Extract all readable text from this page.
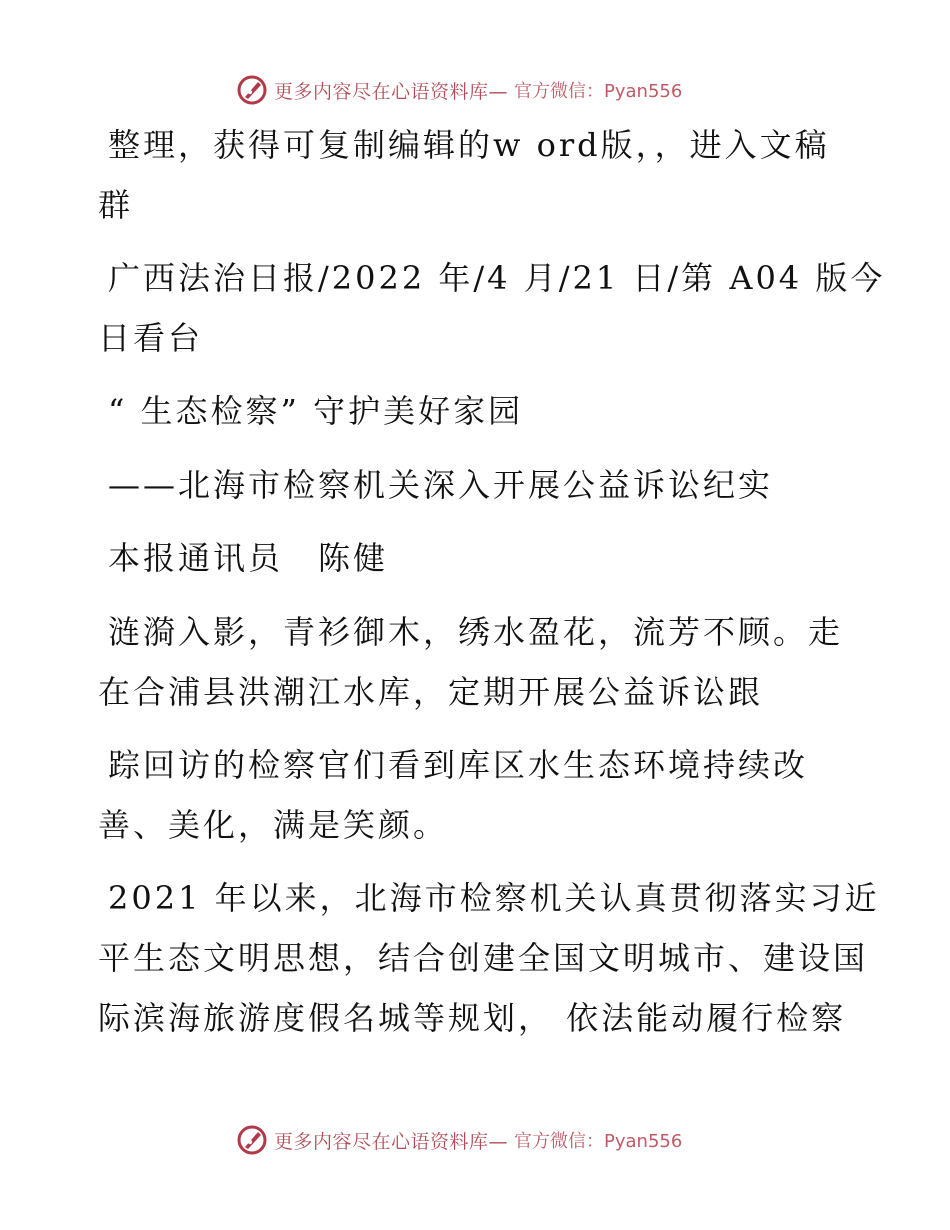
更多内容尽在心语资料库— 官方微信：Pyan556
整理，获得可复制编辑的w ord版，，进入文稿
群
广西法治日报/2022 年/4 月/21 日/第 A04 版今
日看台
“ 生态检察” 守护美好家园
——北海市检察机关深入开展公益诉讼纪实
本报通讯员　陈健
涟漪入影，青衫御木，绣水盈花，流芳不顾。走
在合浦县洪潮江水库，定期开展公益诉讼跟
踪回访的检察官们看到库区水生态环境持续改
善、美化，满是笑颜。
2021 年以来，北海市检察机关认真贯彻落实习近
平生态文明思想，结合创建全国文明城市、建设国
际滨海旅游度假名城等规划， 依法能动履行检察
更多内容尽在心语资料库— 官方微信：Pyan556
